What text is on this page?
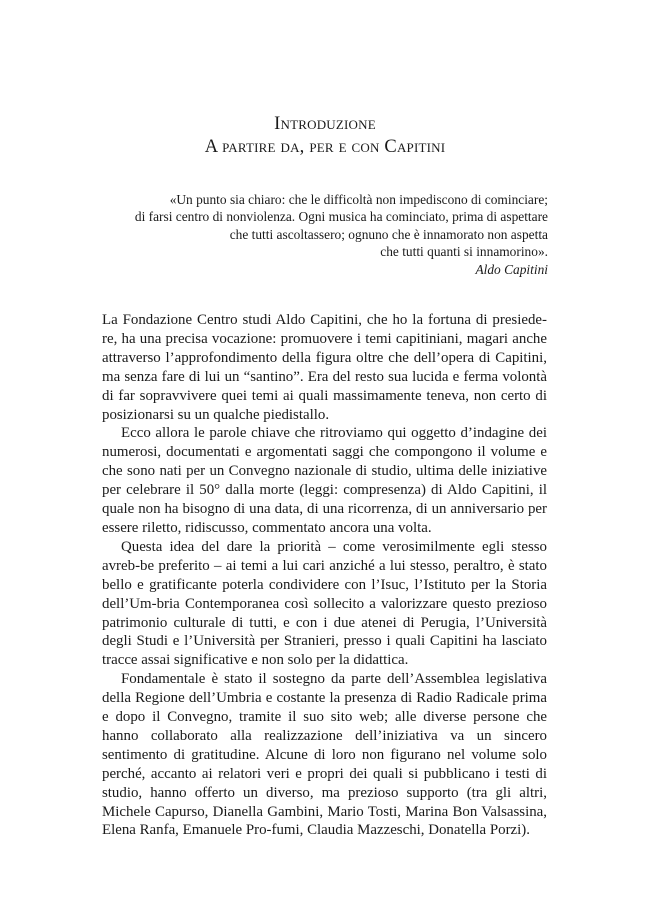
Introduzione
A partire da, per e con Capitini
«Un punto sia chiaro: che le difficoltà non impediscono di cominciare;
di farsi centro di nonviolenza. Ogni musica ha cominciato, prima di aspettare
che tutti ascoltassero; ognuno che è innamorato non aspetta
che tutti quanti si innamorino».
Aldo Capitini

La Fondazione Centro studi Aldo Capitini, che ho la fortuna di presiede-re, ha una precisa vocazione: promuovere i temi capitiniani, magari anche attraverso l’approfondimento della figura oltre che dell’opera di Capitini, ma senza fare di lui un “santino”. Era del resto sua lucida e ferma volontà di far sopravvivere quei temi ai quali massimamente teneva, non certo di posizionarsi su un qualche piedistallo.

Ecco allora le parole chiave che ritroviamo qui oggetto d’indagine dei numerosi, documentati e argomentati saggi che compongono il volume e che sono nati per un Convegno nazionale di studio, ultima delle iniziative per celebrare il 50° dalla morte (leggi: compresenza) di Aldo Capitini, il quale non ha bisogno di una data, di una ricorrenza, di un anniversario per essere riletto, ridiscusso, commentato ancora una volta.

Questa idea del dare la priorità – come verosimilmente egli stesso avreb-be preferito – ai temi a lui cari anziché a lui stesso, peraltro, è stato bello e gratificante poterla condividere con l’Isuc, l’Istituto per la Storia dell’Um-bria Contemporanea così sollecito a valorizzare questo prezioso patrimonio culturale di tutti, e con i due atenei di Perugia, l’Università degli Studi e l’Università per Stranieri, presso i quali Capitini ha lasciato tracce assai significative e non solo per la didattica.

Fondamentale è stato il sostegno da parte dell’Assemblea legislativa della Regione dell’Umbria e costante la presenza di Radio Radicale prima e dopo il Convegno, tramite il suo sito web; alle diverse persone che hanno collaborato alla realizzazione dell’iniziativa va un sincero sentimento di gratitudine. Alcune di loro non figurano nel volume solo perché, accanto ai relatori veri e propri dei quali si pubblicano i testi di studio, hanno offerto un diverso, ma prezioso supporto (tra gli altri, Michele Capurso, Dianella Gambini, Mario Tosti, Marina Bon Valsassina, Elena Ranfa, Emanuele Pro-fumi, Claudia Mazzeschi, Donatella Porzi).
